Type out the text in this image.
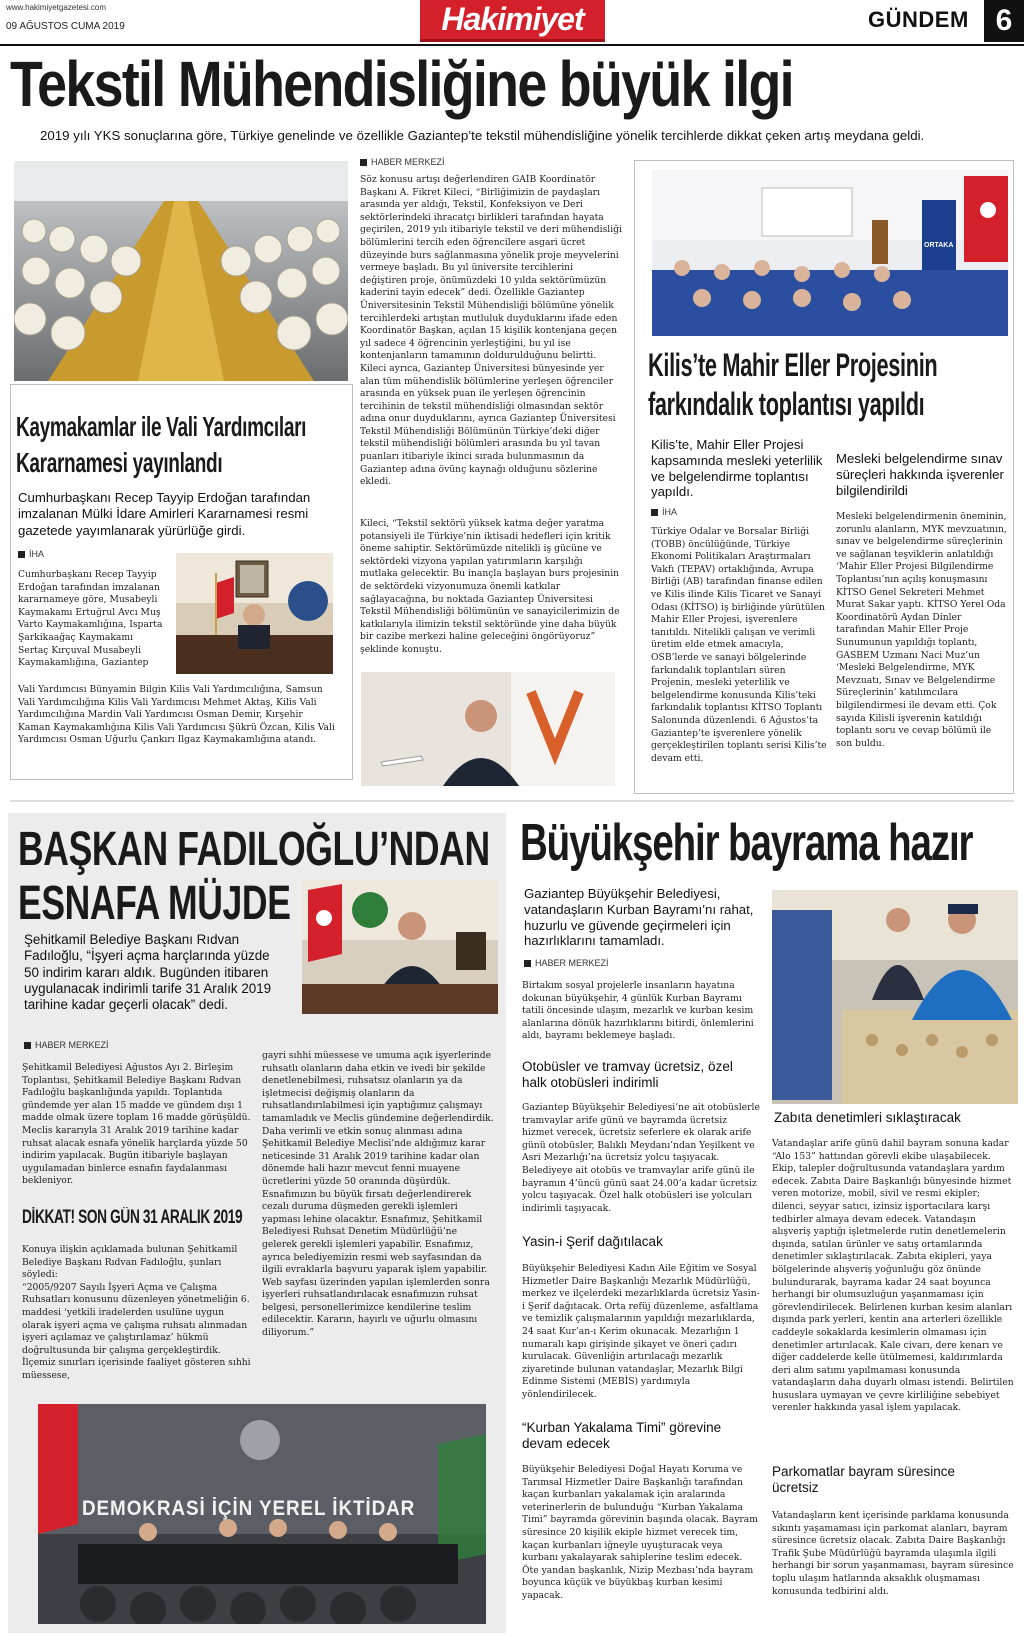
www.hakimiyetgazetesi.com
09 AĞUSTOS CUMA 2019	Hakimiyet	GÜNDEM 6
Tekstil Mühendisliğine büyük ilgi
2019 yılı YKS sonuçlarına göre, Türkiye genelinde ve özellikle Gaziantep’te tekstil mühendisliğine yönelik tercihlerde dikkat çeken artış meydana geldi.
Kaymakamlar ile Vali Yardımcıları
Kararnamesi yayınlandı
Cumhurbaşkanı Recep Tayyip Erdoğan tarafından imzalanan Mülki İdare Amirleri Kararnamesi resmi gazetede yayımlanarak yürürlüğe girdi.
İHA
Cumhurbaşkanı Recep Tayyip Erdoğan tarafından imzalanan kararnameye göre, Musabeyli Kaymakamı Ertuğrul Avcı Muş Varto Kaymakamlığına, Isparta Şarkikaağaç Kaymakamı Sertaç Kırçuval Musabeyli Kaymakamlığına, Gaziantep
Vali Yardımcısı Bünyamin Bilgin Kilis Vali Yardımcılığına, Samsun Vali Yardımcılığına Kilis Vali Yardımcısı Mehmet Aktaş, Kilis Vali Yardımcılığına Mardin Vali Yardımcısı Osman Demir, Kırşehir Kaman Kaymakamlığına Kilis Vali Yardımcısı Şükrü Özcan, Kilis Vali Yardımcısı Osman Uğurlu Çankırı Ilgaz Kaymakamlığına atandı.
HABER MERKEZİ
Söz konusu artışı değerlendiren GAİB Koordinatör Başkanı A. Fikret Kileci, “Birliğimizin de paydaşları arasında yer aldığı, Tekstil, Konfeksiyon ve Deri sektörlerindeki ihracatçı birlikleri tarafından hayata geçirilen, 2019 yılı itibariyle tekstil ve deri mühendisliği bölümlerini tercih eden öğrencilere asgari ücret düzeyinde burs sağlanmasına yönelik proje meyvelerini vermeye başladı. Bu yıl üniversite tercihlerini değiştiren proje, önümüzdeki 10 yılda sektörümüzün kaderini tayin edecek” dedi. Özellikle Gaziantep Üniversitesinin Tekstil Mühendisliği bölümüne yönelik tercihlerdeki artıştan mutluluk duyduklarını ifade eden Koordinatör Başkan, açılan 15 kişilik kontenjana geçen yıl sadece 4 öğrencinin yerleştiğini, bu yıl ise kontenjanların tamamının doldurulduğunu belirtti. Kileci ayrıca, Gaziantep Üniversitesi bünyesinde yer alan tüm mühendislik bölümlerine yerleşen öğrenciler arasında en yüksek puan ile yerleşen öğrencinin tercihinin de tekstil mühendisliği olmasından sektör adına onur duyduklarını, ayrıca Gaziantep Üniversitesi Tekstil Mühendisliği Bölümünün Türkiye’deki diğer tekstil mühendisliği bölümleri arasında bu yıl tavan puanları itibariyle ikinci sırada bulunmasının da Gaziantep adına övünç kaynağı olduğunu sözlerine ekledi.
Kileci, “Tekstil sektörü yüksek katma değer yaratma potansiyeli ile Türkiye’nin iktisadi hedefleri için kritik öneme sahiptir. Sektörümüzde nitelikli iş gücüne ve sektördeki vizyona yapılan yatırımların karşılığı mutlaka gelecektir. Bu inançla başlayan burs projesinin de sektördeki vizyonumuza önemli katkılar sağlayacağına, bu noktada Gaziantep Üniversitesi Tekstil Mühendisliği bölümünün ve sanayicilerimizin de katkılarıyla ilimizin tekstil sektöründe yine daha büyük bir cazibe merkezi haline geleceğini öngörüyoruz” şeklinde konuştu.
ORTAKA
Kilis’te Mahir Eller Projesinin
farkındalık toplantısı yapıldı
Kilis’te, Mahir Eller Projesi kapsamında mesleki yeterlilik ve belgelendirme toplantısı yapıldı.
Mesleki belgelendirme sınav süreçleri hakkında işverenler bilgilendirildi
İHA
Türkiye Odalar ve Borsalar Birliği (TOBB) öncülüğünde, Türkiye Ekonomi Politikaları Araştırmaları Vakfı (TEPAV) ortaklığında, Avrupa Birliği (AB) tarafından finanse edilen ve Kilis ilinde Kilis Ticaret ve Sanayi Odası (KİTSO) iş birliğinde yürütülen Mahir Eller Projesi, işverenlere tanıtıldı. Nitelikli çalışan ve verimli üretim elde etmek amacıyla, OSB’lerde ve sanayi bölgelerinde farkındalık toplantıları süren Projenin, mesleki yeterlilik ve belgelendirme konusunda Kilis’teki farkındalık toplantısı KİTSO Toplantı Salonunda düzenlendi. 6 Ağustos’ta Gaziantep’te işverenlere yönelik gerçekleştirilen toplantı serisi Kilis’te devam etti.
Mesleki belgelendirmenin öneminin, zorunlu alanların, MYK mevzuatının, sınav ve belgelendirme süreçlerinin ve sağlanan teşviklerin anlatıldığı ‘Mahir Eller Projesi Bilgilendirme Toplantısı’nın açılış konuşmasını KİTSO Genel Sekreteri Mehmet Murat Sakar yaptı. KİTSO Yerel Oda Koordinatörü Aydan Dinler tarafından Mahir Eller Proje Sunumunun yapıldığı toplantı, GASBEM Uzmanı Naci Muz’un ‘Mesleki Belgelendirme, MYK Mevzuatı, Sınav ve Belgelendirme Süreçlerinin’ katılımcılara bilgilendirmesi ile devam etti. Çok sayıda Kilisli işverenin katıldığı toplantı soru ve cevap bölümü ile son buldu.
BAŞKAN FADILOĞLU’NDAN
ESNAFA MÜJDE
Şehitkamil Belediye Başkanı Rıdvan Fadıloğlu, “İşyeri açma harçlarında yüzde 50 indirim kararı aldık. Bugünden itibaren uygulanacak indirimli tarife 31 Aralık 2019 tarihine kadar geçerli olacak” dedi.
HABER MERKEZİ
Şehitkamil Belediyesi Ağustos Ayı 2. Birleşim Toplantısı, Şehitkamil Belediye Başkanı Rıdvan Fadıloğlu başkanlığında yapıldı. Toplantıda gündemde yer alan 15 madde ve gündem dışı 1 madde olmak üzere toplam 16 madde görüşüldü. Meclis kararıyla 31 Aralık 2019 tarihine kadar ruhsat alacak esnafa yönelik harçlarda yüzde 50 indirim yapılacak. Bugün itibariyle başlayan uygulamadan binlerce esnafın faydalanması bekleniyor.
DİKKAT! SON GÜN 31 ARALIK 2019
Konuya ilişkin açıklamada bulunan Şehitkamil Belediye Başkanı Rıdvan Fadıloğlu, şunları söyledi:
“2005/9207 Sayılı İşyeri Açma ve Çalışma Ruhsatları konusunu düzenleyen yönetmeliğin 6. maddesi ‘yetkili iradelerden usulüne uygun olarak işyeri açma ve çalışma ruhsatı alınmadan işyeri açılamaz ve çalıştırılamaz’ hükmü doğrultusunda bir çalışma gerçekleştirdik. İlçemiz sınırları içerisinde faaliyet gösteren sıhhi müessese,
gayri sıhhi müessese ve umuma açık işyerlerinde ruhsatlı olanların daha etkin ve ivedi bir şekilde denetlenebilmesi, ruhsatsız olanların ya da işletmecisi değişmiş olanların da ruhsatlandırılabilmesi için yaptığımız çalışmayı tamamladık ve Meclis gündemine değerlendirdik. Daha verimli ve etkin sonuç alınması adına Şehitkamil Belediye Meclisi’nde aldığımız karar neticesinde 31 Aralık 2019 tarihine kadar olan dönemde hali hazır mevcut fenni muayene ücretlerini yüzde 50 oranında düşürdük. Esnafımızın bu büyük fırsatı değerlendirerek cezalı duruma düşmeden gerekli işlemleri yapması lehine olacaktır. Esnafımız, Şehitkamil Belediyesi Ruhsat Denetim Müdürlüğü’ne gelerek gerekli işlemleri yapabilir. Esnafımız, ayrıca belediyemizin resmi web sayfasından da ilgili evraklarla başvuru yaparak işlem yapabilir. Web sayfası üzerinden yapılan işlemlerden sonra işyerleri ruhsatlandırılacak esnafımızın ruhsat belgesi, personellerimizce kendilerine teslim edilecektir. Kararın, hayırlı ve uğurlu olmasını diliyorum.”
DEMOKRASİ İÇİN YEREL İKTİDAR
Büyükşehir bayrama hazır
Gaziantep Büyükşehir Belediyesi, vatandaşların Kurban Bayramı’nı rahat, huzurlu ve güvende geçirmeleri için hazırlıklarını tamamladı.
HABER MERKEZİ
Birtakım sosyal projelerle insanların hayatına dokunan büyükşehir, 4 günlük Kurban Bayramı tatili öncesinde ulaşım, mezarlık ve kurban kesim alanlarına dönük hazırlıklarını bitirdi, önlemlerini aldı, bayramı beklemeye başladı.
Otobüsler ve tramvay ücretsiz, özel halk otobüsleri indirimli
Gaziantep Büyükşehir Belediyesi’ne ait otobüslerle tramvaylar arife günü ve bayramda ücretsiz hizmet verecek, ücretsiz seferlere ek olarak arife günü otobüsler, Balıklı Meydanı’ndan Yeşilkent ve Asri Mezarlığı’na ücretsiz yolcu taşıyacak. Belediyeye ait otobüs ve tramvaylar arife günü ile bayramın 4’üncü günü saat 24.00’a kadar ücretsiz yolcu taşıyacak. Özel halk otobüsleri ise yolcuları indirimli taşıyacak.
Yasin-i Şerif dağıtılacak
Büyükşehir Belediyesi Kadın Aile Eğitim ve Sosyal Hizmetler Daire Başkanlığı Mezarlık Müdürlüğü, merkez ve ilçelerdeki mezarlıklarda ücretsiz Yasin-i Şerif dağıtacak. Orta refüj düzenleme, asfaltlama ve temizlik çalışmalarının yapıldığı mezarlıklarda, 24 saat Kur’an-ı Kerim okunacak. Mezarlığın 1 numaralı kapı girişinde şikayet ve öneri çadırı kurulacak. Güvenliğin artırılacağı mezarlık ziyaretinde bulunan vatandaşlar, Mezarlık Bilgi Edinme Sistemi (MEBİS) yardımıyla yönlendirilecek.
“Kurban Yakalama Timi” görevine devam edecek
Büyükşehir Belediyesi Doğal Hayatı Koruma ve Tarımsal Hizmetler Daire Başkanlığı tarafından kaçan kurbanları yakalamak için aralarında veterinerlerin de bulunduğu “Kurban Yakalama Timi” bayramda görevinin başında olacak. Bayram süresince 20 kişilik ekiple hizmet verecek tim, kaçan kurbanları iğneyle uyuşturacak veya kurbanı yakalayarak sahiplerine teslim edecek. Öte yandan başkanlık, Nizip Mezbası’nda bayram boyunca küçük ve büyükbaş kurban kesimi yapacak.
Zabıta denetimleri sıklaştıracak
Vatandaşlar arife günü dahil bayram sonuna kadar “Alo 153” hattından görevli ekibe ulaşabilecek. Ekip, talepler doğrultusunda vatandaşlara yardım edecek. Zabıta Daire Başkanlığı bünyesinde hizmet veren motorize, mobil, sivil ve resmi ekipler; dilenci, seyyar satıcı, izinsiz işportacılara karşı tedbirler almaya devam edecek. Vatandaşın alışveriş yaptığı işletmelerde rutin denetlemelerin dışında, satılan ürünler ve satış ortamlarında denetimler sıklaştırılacak. Zabıta ekipleri, yaya bölgelerinde alışveriş yoğunluğu göz önünde bulundurarak, bayrama kadar 24 saat boyunca herhangi bir olumsuzluğun yaşanmaması için görevlendirilecek. Belirlenen kurban kesim alanları dışında park yerleri, kentin ana arterleri özellikle caddeyle sokaklarda kesimlerin olmaması için denetimler artırılacak. Kale civarı, dere kenarı ve diğer caddelerde kelle ütülmemesi, kaldırımlarda deri alım satımı yapılmaması konusunda vatandaşların daha duyarlı olması istendi. Belirtilen hususlara uymayan ve çevre kirliliğine sebebiyet verenler hakkında yasal işlem yapılacak.
Parkomatlar bayram süresince ücretsiz
Vatandaşların kent içerisinde parklama konusunda sıkıntı yaşamaması için parkomat alanları, bayram süresince ücretsiz olacak. Zabıta Daire Başkanlığı Trafik Şube Müdürlüğü bayramda ulaşımla ilgili herhangi bir sorun yaşanmaması, bayram süresince toplu ulaşım hatlarında aksaklık oluşmaması konusunda tedbirini aldı.
